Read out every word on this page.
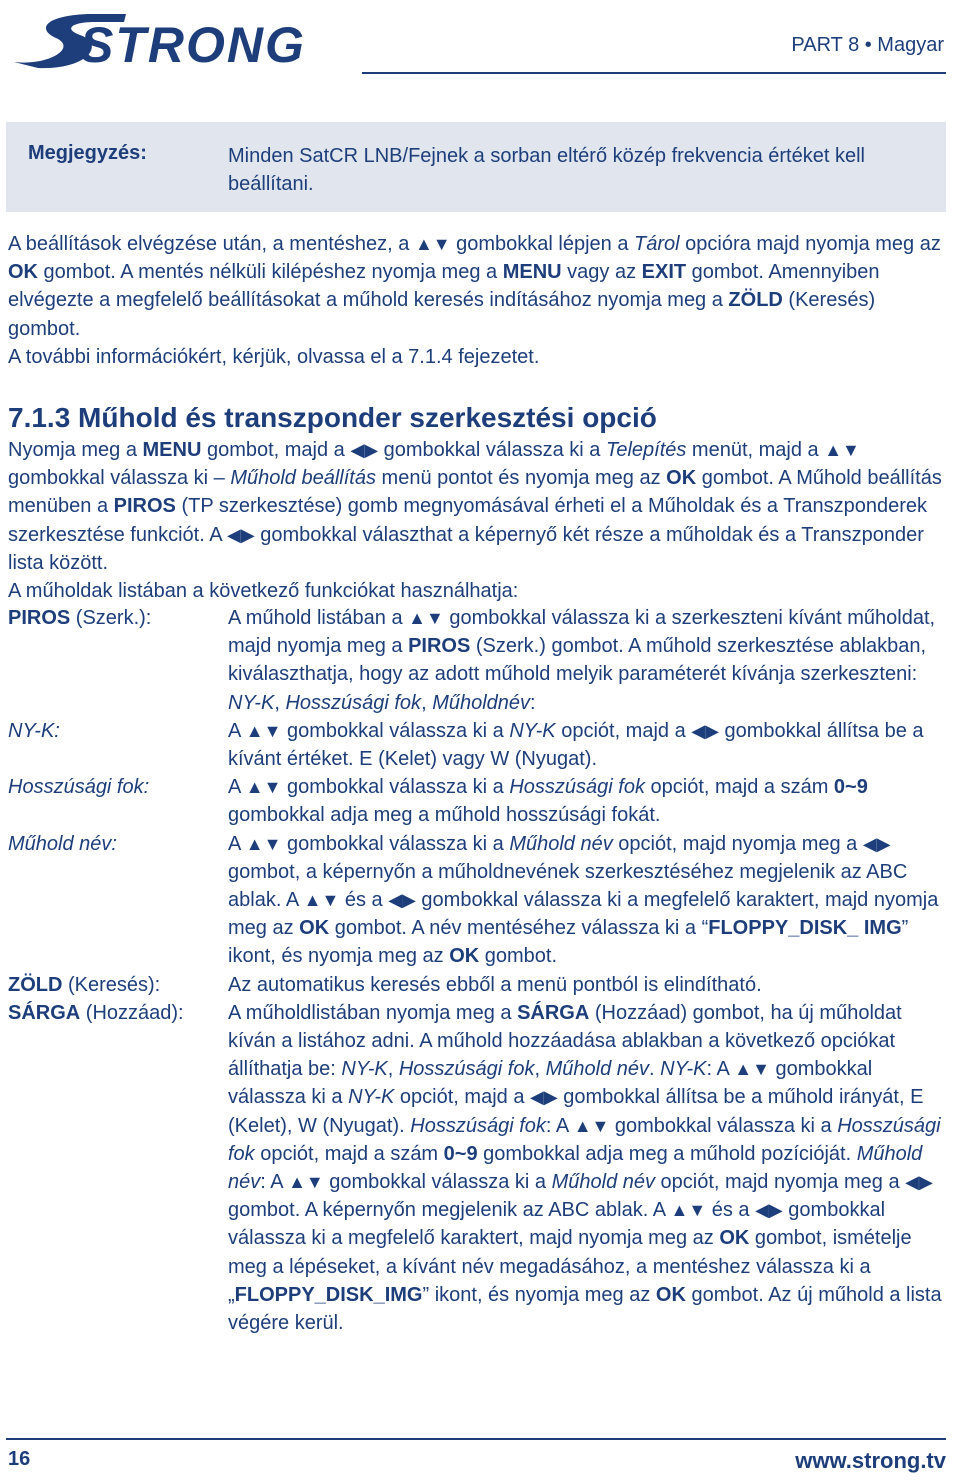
STRONG	PART 8 • Magyar
Megjegyzés:	Minden SatCR LNB/Fejnek a sorban eltérő közép frekvencia értéket kell beállítani.
A beállítások elvégzése után, a mentéshez, a ▲▼ gombokkal lépjen a Tárol opcióra majd nyomja meg az OK gombot. A mentés nélküli kilépéshez nyomja meg a MENU vagy az EXIT gombot. Amennyiben elvégezte a megfelelő beállításokat a műhold keresés indításához nyomja meg a ZÖLD (Keresés) gombot.
A további információkért, kérjük, olvassa el a 7.1.4 fejezetet.
7.1.3 Műhold és transzponder szerkesztési opció
Nyomja meg a MENU gombot, majd a ◀▶ gombokkal válassza ki a Telepítés menüt, majd a ▲▼ gombokkal válassza ki – Műhold beállítás menü pontot és nyomja meg az OK gombot. A Műhold beállítás menüben a PIROS (TP szerkesztése) gomb megnyomásával érheti el a Műholdak és a Transzponderek szerkesztése funkciót. A ◀▶ gombokkal választhat a képernyő két része a műholdak és a Transzponder lista között.
A műholdak listában a következő funkciókat használhatja:
PIROS (Szerk.):	A műhold listában a ▲▼ gombokkal válassza ki a szerkeszteni kívánt műholdat, majd nyomja meg a PIROS (Szerk.) gombot. A műhold szerkesztése ablakban, kiválaszthatja, hogy az adott műhold melyik paraméterét kívánja szerkeszteni: NY-K, Hosszúsági fok, Műholdnév:
NY-K:	A ▲▼ gombokkal válassza ki a NY-K opciót, majd a ◀▶ gombokkal állítsa be a kívánt értéket. E (Kelet) vagy W (Nyugat).
Hosszúsági fok:	A ▲▼ gombokkal válassza ki a Hosszúsági fok opciót, majd a szám 0~9 gombokkal adja meg a műhold hosszúsági fokát.
Műhold név:	A ▲▼ gombokkal válassza ki a Műhold név opciót, majd nyomja meg a ◀▶ gombot, a képernyőn a műholdnevének szerkesztéséhez megjelenik az ABC ablak. A ▲▼ és a ◀▶ gombokkal válassza ki a megfelelő karaktert, majd nyomja meg az OK gombot. A név mentéséhez válassza ki a “FLOPPY_DISK_ IMG” ikont, és nyomja meg az OK gombot.
ZÖLD (Keresés):	Az automatikus keresés ebből a menü pontból is elindítható.
SÁRGA (Hozzáad):	A műholdlistában nyomja meg a SÁRGA (Hozzáad) gombot, ha új műholdat kíván a listához adni. A műhold hozzáadása ablakban a következő opciókat állíthatja be: NY-K, Hosszúsági fok, Műhold név. NY-K: A ▲▼ gombokkal válassza ki a NY-K opciót, majd a ◀▶ gombokkal állítsa be a műhold irányát, E (Kelet), W (Nyugat). Hosszúsági fok: A ▲▼ gombokkal válassza ki a Hosszúsági fok opciót, majd a szám 0~9 gombokkal adja meg a műhold pozícióját. Műhold név: A ▲▼ gombokkal válassza ki a Műhold név opciót, majd nyomja meg a ◀▶ gombot. A képernyőn megjelenik az ABC ablak. A ▲▼ és a ◀▶ gombokkal válassza ki a megfelelő karaktert, majd nyomja meg az OK gombot, ismételje meg a lépéseket, a kívánt név megadásához, a mentéshez válassza ki a „FLOPPY_DISK_IMG” ikont, és nyomja meg az OK gombot. Az új műhold a lista végére kerül.
16	www.strong.tv
